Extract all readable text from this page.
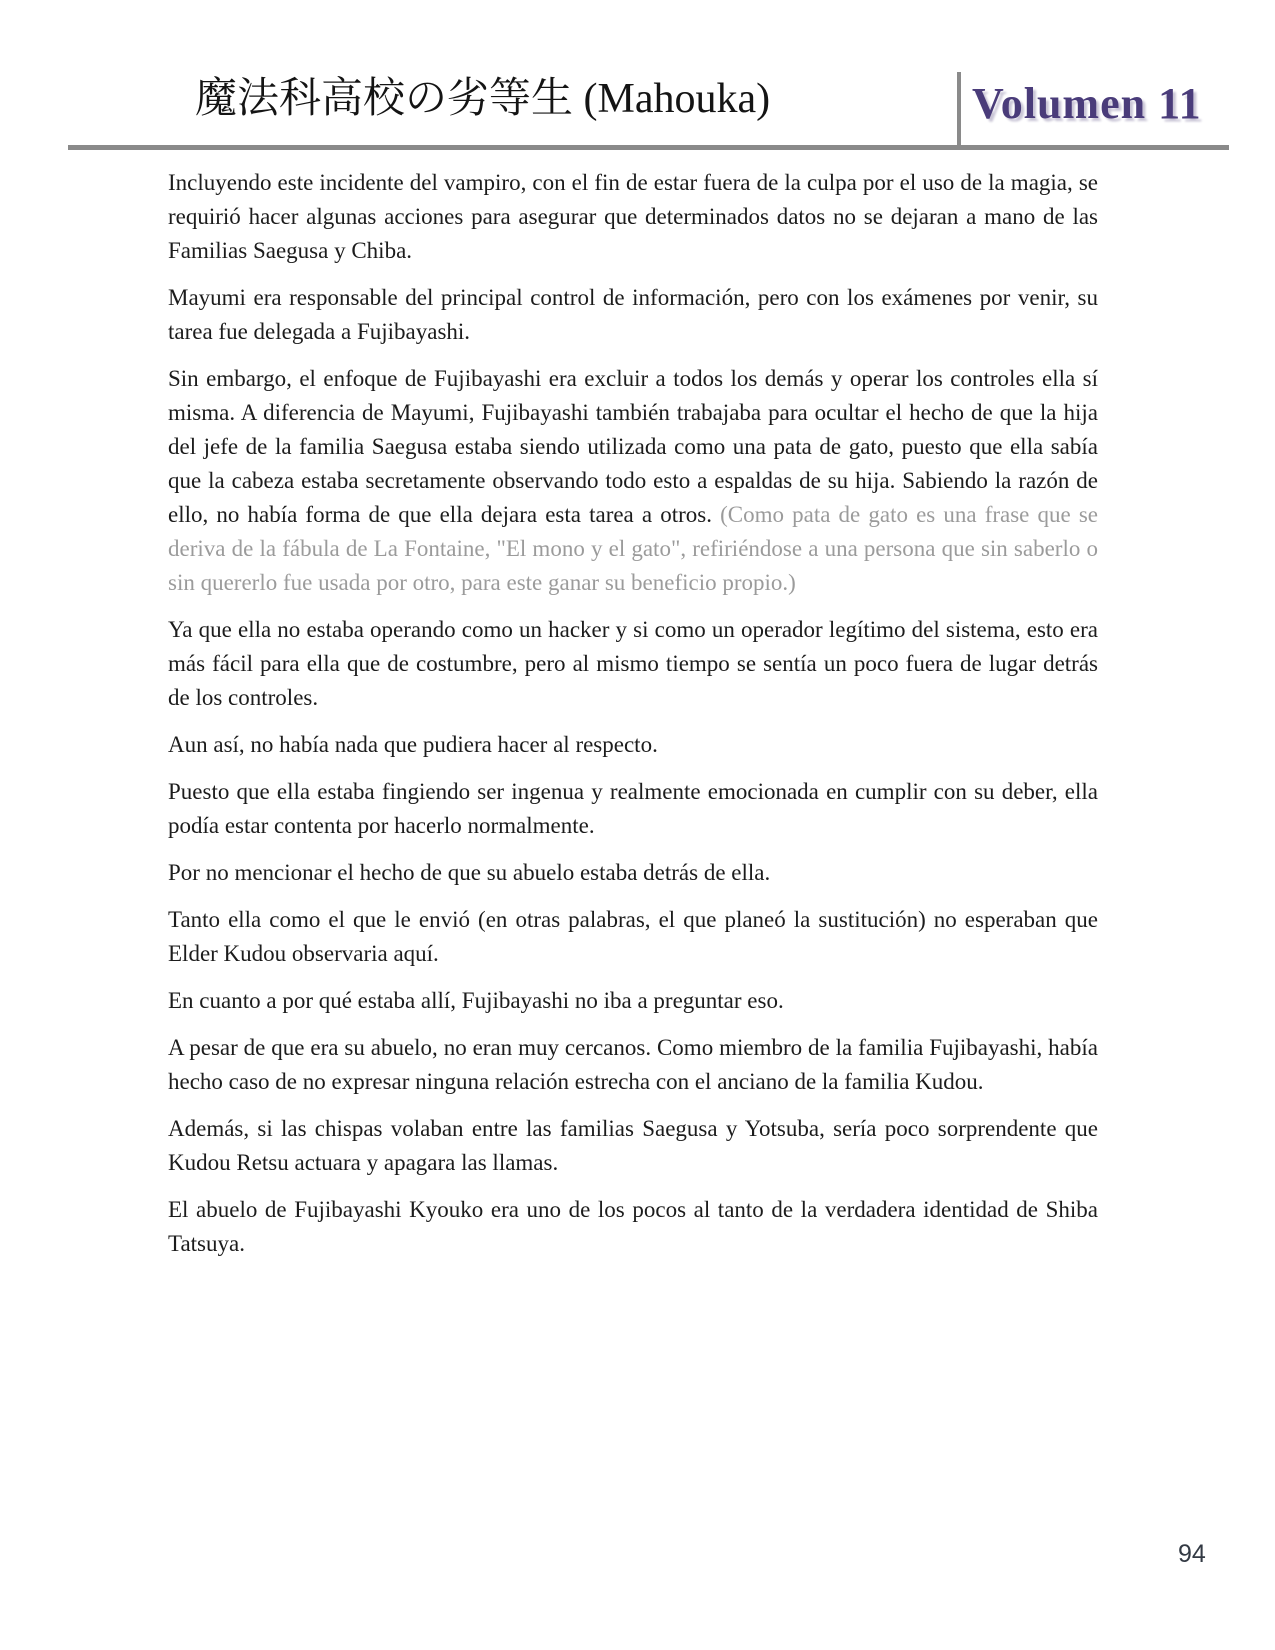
魔法科高校の劣等生 (Mahouka)	Volumen 11

Incluyendo este incidente del vampiro, con el fin de estar fuera de la culpa por el uso de la magia, se requirió hacer algunas acciones para asegurar que determinados datos no se dejaran a mano de las Familias Saegusa y Chiba.

Mayumi era responsable del principal control de información, pero con los exámenes por venir, su tarea fue delegada a Fujibayashi.

Sin embargo, el enfoque de Fujibayashi era excluir a todos los demás y operar los controles ella sí misma. A diferencia de Mayumi, Fujibayashi también trabajaba para ocultar el hecho de que la hija del jefe de la familia Saegusa estaba siendo utilizada como una pata de gato, puesto que ella sabía que la cabeza estaba secretamente observando todo esto a espaldas de su hija. Sabiendo la razón de ello, no había forma de que ella dejara esta tarea a otros. (Como pata de gato es una frase que se deriva de la fábula de La Fontaine, "El mono y el gato", refiriéndose a una persona que sin saberlo o sin quererlo fue usada por otro, para este ganar su beneficio propio.)

Ya que ella no estaba operando como un hacker y si como un operador legítimo del sistema, esto era más fácil para ella que de costumbre, pero al mismo tiempo se sentía un poco fuera de lugar detrás de los controles.

Aun así, no había nada que pudiera hacer al respecto.

Puesto que ella estaba fingiendo ser ingenua y realmente emocionada en cumplir con su deber, ella podía estar contenta por hacerlo normalmente.

Por no mencionar el hecho de que su abuelo estaba detrás de ella.

Tanto ella como el que le envió (en otras palabras, el que planeó la sustitución) no esperaban que Elder Kudou observaria aquí.

En cuanto a por qué estaba allí, Fujibayashi no iba a preguntar eso.

A pesar de que era su abuelo, no eran muy cercanos. Como miembro de la familia Fujibayashi, había hecho caso de no expresar ninguna relación estrecha con el anciano de la familia Kudou.

Además, si las chispas volaban entre las familias Saegusa y Yotsuba, sería poco sorprendente que Kudou Retsu actuara y apagara las llamas.

El abuelo de Fujibayashi Kyouko era uno de los pocos al tanto de la verdadera identidad de Shiba Tatsuya.

94
